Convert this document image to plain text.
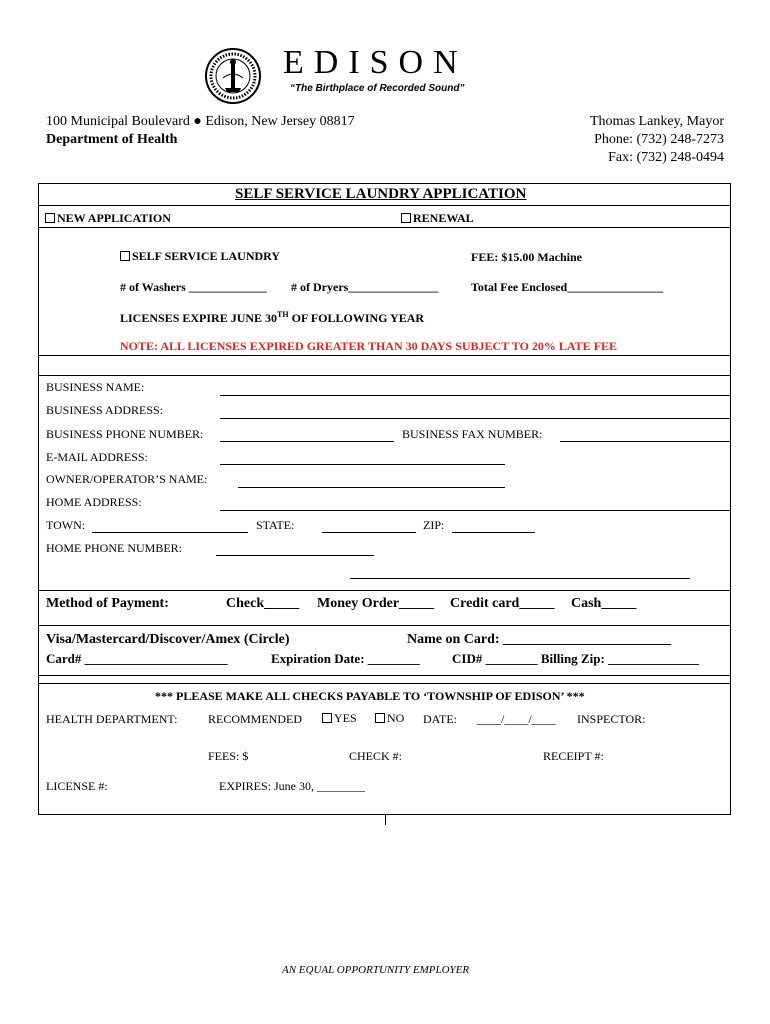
EDISON
“The Birthplace of Recorded Sound”
100 Municipal Boulevard ● Edison, New Jersey 08817
Department of Health
Thomas Lankey, Mayor
Phone: (732) 248-7273
Fax: (732) 248-0494
SELF SERVICE LAUNDRY APPLICATION
NEW APPLICATION	RENEWAL
SELF SERVICE LAUNDRY	FEE: $15.00 Machine
# of Washers _____________ # of Dryers_______________	Total Fee Enclosed________________
LICENSES EXPIRE JUNE 30TH OF FOLLOWING YEAR
NOTE: ALL LICENSES EXPIRED GREATER THAN 30 DAYS SUBJECT TO 20% LATE FEE
BUSINESS NAME:
BUSINESS ADDRESS:
BUSINESS PHONE NUMBER:	BUSINESS FAX NUMBER:
E-MAIL ADDRESS:
OWNER/OPERATOR’S NAME:
HOME ADDRESS:
TOWN:	STATE:	ZIP:
HOME PHONE NUMBER:
Method of Payment:	Check_____ Money Order_____ Credit card_____ Cash_____
Visa/Mastercard/Discover/Amex (Circle)	Name on Card: ________________________
Card# ______________________	Expiration Date: ________ CID# ________ Billing Zip: ______________
*** PLEASE MAKE ALL CHECKS PAYABLE TO ‘TOWNSHIP OF EDISON’ ***
HEALTH DEPARTMENT:	RECOMMENDED	YES	NO DATE: ____/____/____ INSPECTOR:
FEES: $	CHECK #:	RECEIPT #:
LICENSE #:	EXPIRES: June 30, ________
AN EQUAL OPPORTUNITY EMPLOYER
